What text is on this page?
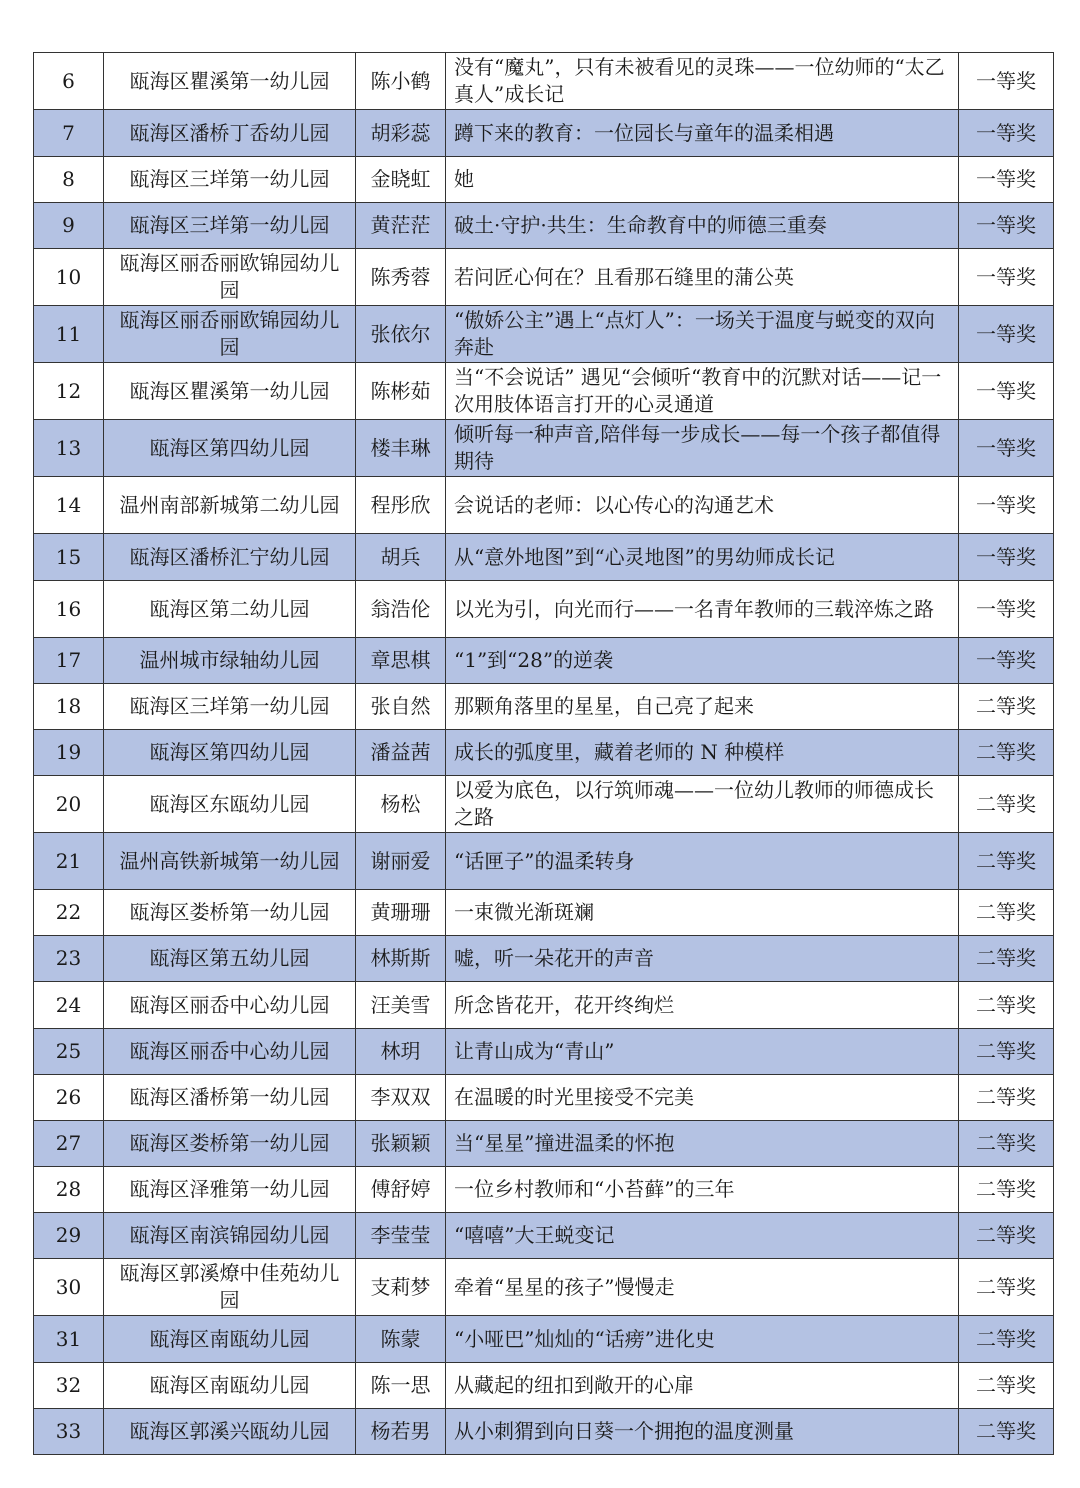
6	瓯海区瞿溪第一幼儿园	陈小鹤	没有“魔丸”，只有未被看见的灵珠——一位幼师的“太乙真人”成长记	一等奖
7	瓯海区潘桥丁岙幼儿园	胡彩蕊	蹲下来的教育：一位园长与童年的温柔相遇	一等奖
8	瓯海区三垟第一幼儿园	金晓虹	她	一等奖
9	瓯海区三垟第一幼儿园	黄茫茫	破土·守护·共生：生命教育中的师德三重奏	一等奖
10	瓯海区丽岙丽欧锦园幼儿园	陈秀蓉	若问匠心何在？且看那石缝里的蒲公英	一等奖
11	瓯海区丽岙丽欧锦园幼儿园	张依尔	“傲娇公主”遇上“点灯人”：一场关于温度与蜕变的双向奔赴	一等奖
12	瓯海区瞿溪第一幼儿园	陈彬茹	当“不会说话” 遇见“会倾听“教育中的沉默对话——记一次用肢体语言打开的心灵通道	一等奖
13	瓯海区第四幼儿园	楼丰琳	倾听每一种声音,陪伴每一步成长——每一个孩子都值得期待	一等奖
14	温州南部新城第二幼儿园	程彤欣	会说话的老师：以心传心的沟通艺术	一等奖
15	瓯海区潘桥汇宁幼儿园	胡兵	从“意外地图”到“心灵地图”的男幼师成长记	一等奖
16	瓯海区第二幼儿园	翁浩伦	以光为引，向光而行——一名青年教师的三载淬炼之路	一等奖
17	温州城市绿轴幼儿园	章思棋	“1”到“28”的逆袭	一等奖
18	瓯海区三垟第一幼儿园	张自然	那颗角落里的星星，自己亮了起来	二等奖
19	瓯海区第四幼儿园	潘益茜	成长的弧度里，藏着老师的 N 种模样	二等奖
20	瓯海区东瓯幼儿园	杨松	以爱为底色，以行筑师魂——一位幼儿教师的师德成长之路	二等奖
21	温州高铁新城第一幼儿园	谢丽爱	“话匣子”的温柔转身	二等奖
22	瓯海区娄桥第一幼儿园	黄珊珊	一束微光渐斑斓	二等奖
23	瓯海区第五幼儿园	林斯斯	嘘，听一朵花开的声音	二等奖
24	瓯海区丽岙中心幼儿园	汪美雪	所念皆花开，花开终绚烂	二等奖
25	瓯海区丽岙中心幼儿园	林玥	让青山成为“青山”	二等奖
26	瓯海区潘桥第一幼儿园	李双双	在温暖的时光里接受不完美	二等奖
27	瓯海区娄桥第一幼儿园	张颖颖	当“星星”撞进温柔的怀抱	二等奖
28	瓯海区泽雅第一幼儿园	傅舒婷	一位乡村教师和“小苔藓”的三年	二等奖
29	瓯海区南滨锦园幼儿园	李莹莹	“嘻嘻”大王蜕变记	二等奖
30	瓯海区郭溪燎中佳苑幼儿园	支莉梦	牵着“星星的孩子”慢慢走	二等奖
31	瓯海区南瓯幼儿园	陈蒙	“小哑巴”灿灿的“话痨”进化史	二等奖
32	瓯海区南瓯幼儿园	陈一思	从藏起的纽扣到敞开的心扉	二等奖
33	瓯海区郭溪兴瓯幼儿园	杨若男	从小刺猬到向日葵一个拥抱的温度测量	二等奖
